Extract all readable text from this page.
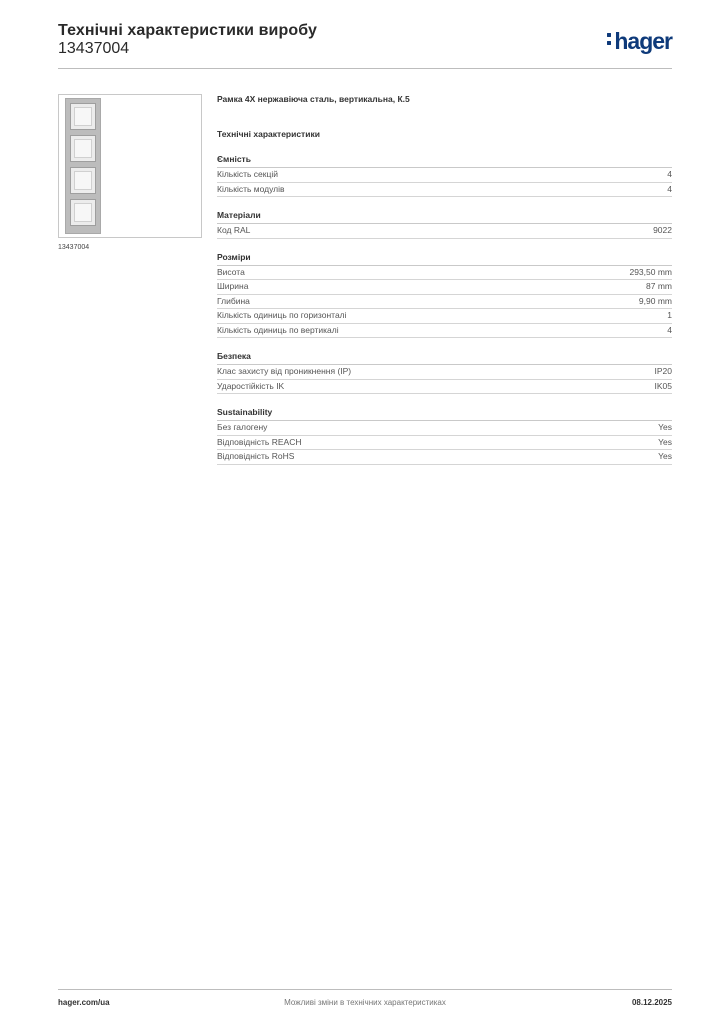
Технічні характеристики виробу
13437004	hager
13437004
Рамка 4X нержавіюча сталь, вертикальна, К.5
Технічні характеристики
Ємність
Кількість секцій	4
Кількість модулів	4
Матеріали
Код RAL	9022
Розміри
Висота	293,50 mm
Ширина	87 mm
Глибина	9,90 mm
Кількість одиниць по горизонталі	1
Кількість одиниць по вертикалі	4
Безпека
Клас захисту від проникнення (IP)	IP20
Ударостійкість IK	IK05
Sustainability
Без галогену	Yes
Відповідність REACH	Yes
Відповідність RoHS	Yes
hager.com/ua	Можливі зміни в технічних характеристиках	08.12.2025
